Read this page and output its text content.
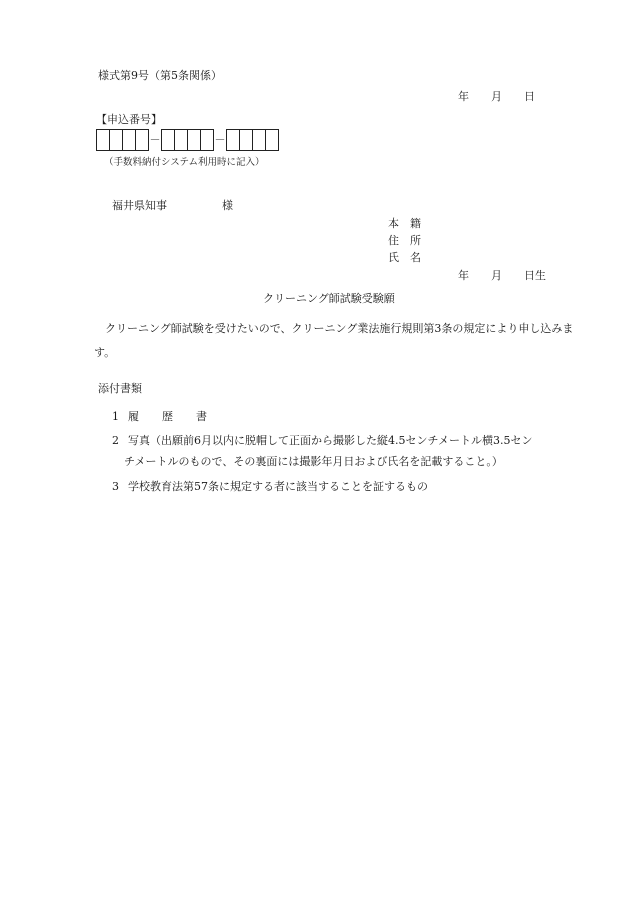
様式第9号（第5条関係）
年　　月　　日
【申込番号】
－	－
（手数料納付システム利用時に記入）
福井県知事　　　　　様
本　籍
住　所
氏　名
年　　月　　日生
クリーニング師試験受験願
　クリーニング師試験を受けたいので、クリーニング業法施行規則第3条の規定により申し込みます。
添付書類
1 履　歴　書
2 写真（出願前6月以内に脱帽して正面から撮影した縦4.5センチメートル横3.5セン
チメートルのもので、その裏面には撮影年月日および氏名を記載すること。）
3 学校教育法第57条に規定する者に該当することを証するもの
